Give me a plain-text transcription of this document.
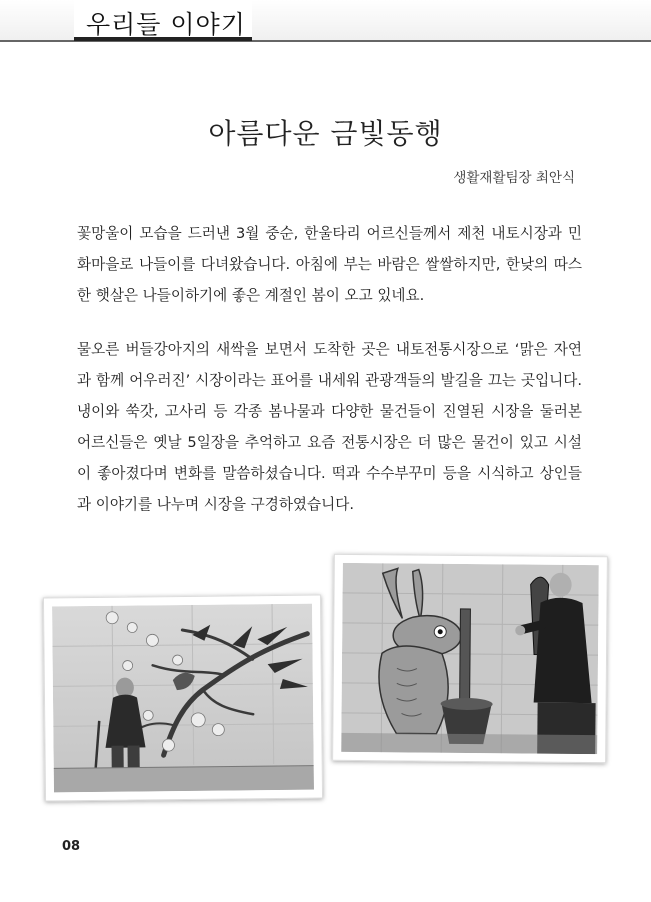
우리들 이야기
아름다운 금빛동행
생활재활팀장 최안식
꽃망울이 모습을 드러낸 3월 중순, 한울타리 어르신들께서 제천 내토시장과 민화마을로 나들이를 다녀왔습니다. 아침에 부는 바람은 쌀쌀하지만, 한낮의 따스한 햇살은 나들이하기에 좋은 계절인 봄이 오고 있네요.
물오른 버들강아지의 새싹을 보면서 도착한 곳은 내토전통시장으로 ‘맑은 자연과 함께 어우러진’ 시장이라는 표어를 내세워 관광객들의 발길을 끄는 곳입니다. 냉이와 쑥갓, 고사리 등 각종 봄나물과 다양한 물건들이 진열된 시장을 둘러본 어르신들은 옛날 5일장을 추억하고 요즘 전통시장은 더 많은 물건이 있고 시설이 좋아졌다며 변화를 말씀하셨습니다. 떡과 수수부꾸미 등을 시식하고 상인들과 이야기를 나누며 시장을 구경하였습니다.
08
